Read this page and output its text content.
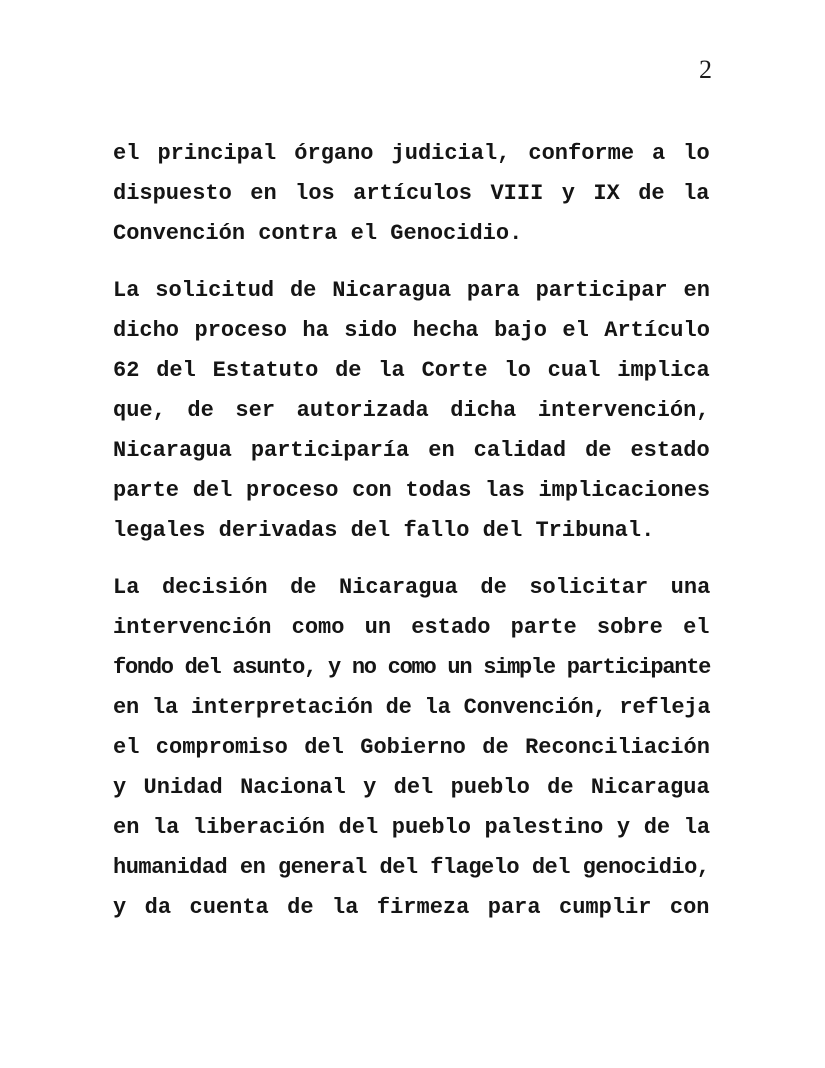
2
el principal órgano judicial, conforme a lo
dispuesto en los artículos VIII y IX de la
Convención contra el Genocidio.
La solicitud de Nicaragua para participar en
dicho proceso ha sido hecha bajo el Artículo
62 del Estatuto de la Corte lo cual implica
que, de ser autorizada dicha intervención,
Nicaragua participaría en calidad de estado
parte del proceso con todas las implicaciones
legales derivadas del fallo del Tribunal.
La decisión de Nicaragua de solicitar una
intervención como un estado parte sobre el
fondo del asunto, y no como un simple participante
en la interpretación de la Convención, refleja
el compromiso del Gobierno de Reconciliación
y Unidad Nacional y del pueblo de Nicaragua
en la liberación del pueblo palestino y de la
humanidad en general del flagelo del genocidio,
y da cuenta de la firmeza para cumplir con
